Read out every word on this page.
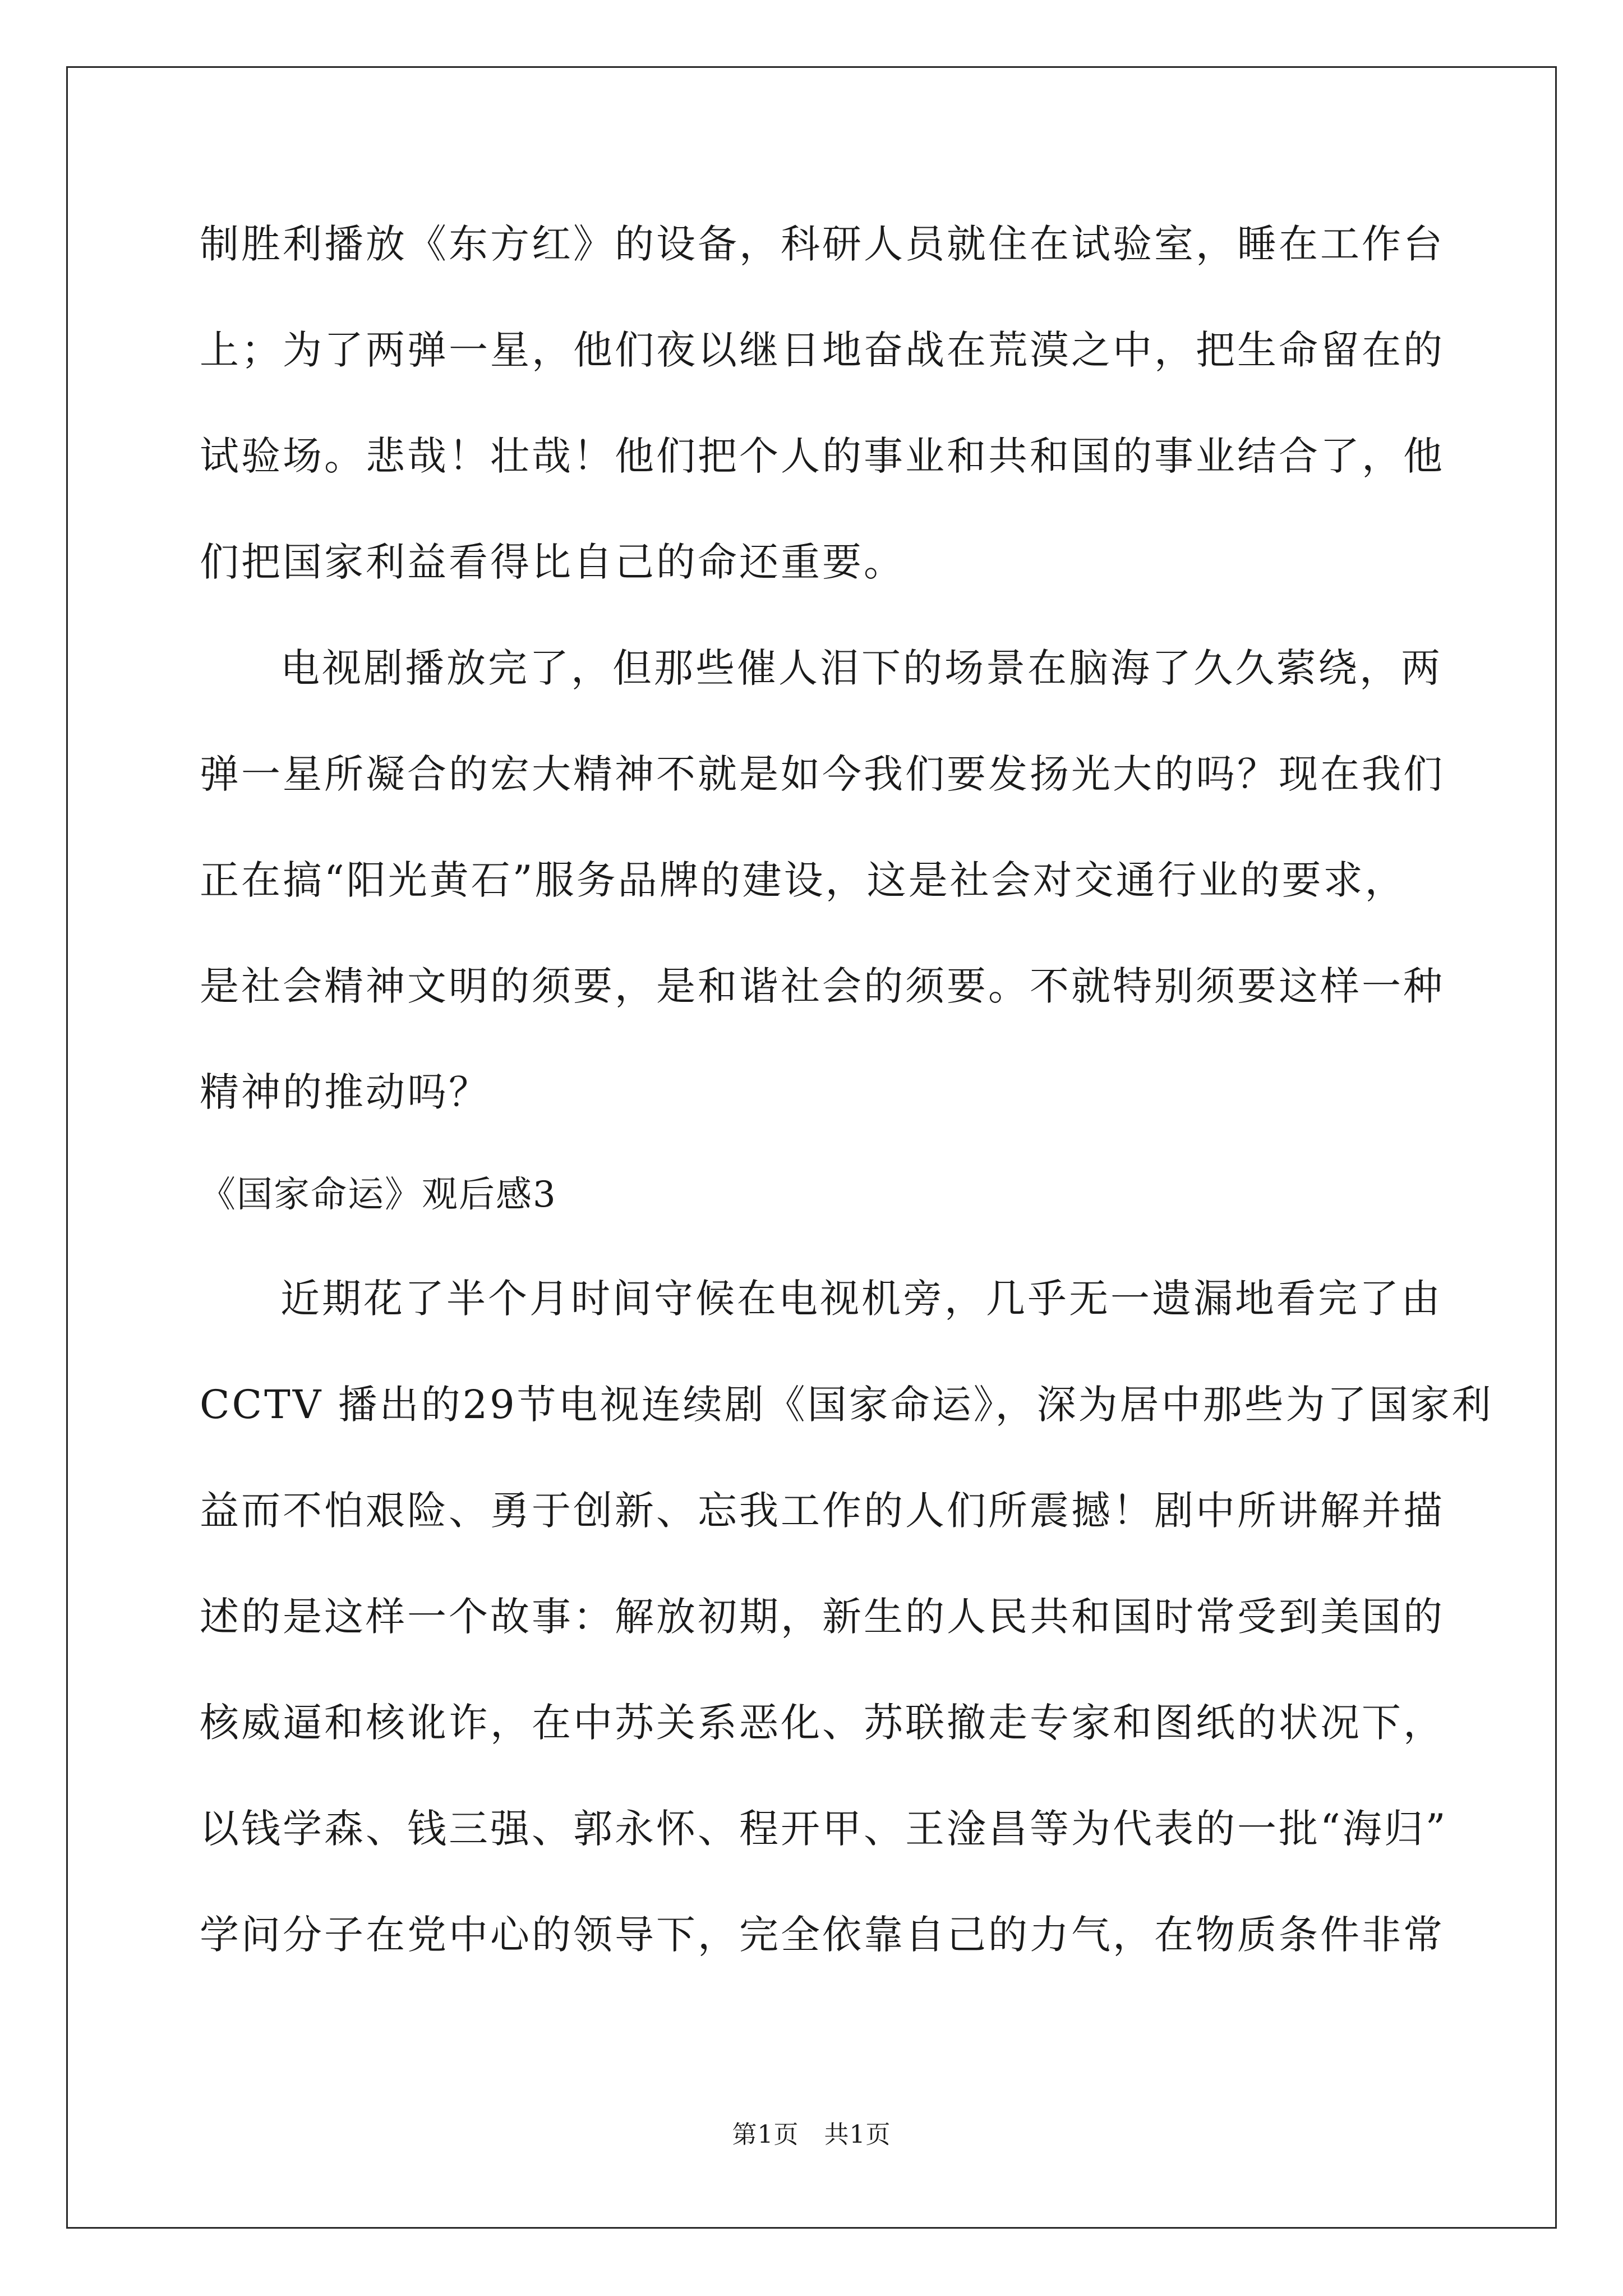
制胜利播放《东方红》的设备，科研人员就住在试验室，睡在工作台
上；为了两弹一星，他们夜以继日地奋战在荒漠之中，把生命留在的
试验场。悲哉！壮哉！他们把个人的事业和共和国的事业结合了，他
们把国家利益看得比自己的命还重要。
电视剧播放完了，但那些催人泪下的场景在脑海了久久萦绕，两
弹一星所凝合的宏大精神不就是如今我们要发扬光大的吗？现在我们
正在搞“阳光黄石”服务品牌的建设，这是社会对交通行业的要求，
是社会精神文明的须要，是和谐社会的须要。不就特别须要这样一种
精神的推动吗？
《国家命运》观后感3
近期花了半个月时间守候在电视机旁，几乎无一遗漏地看完了由
CCTV 播出的29节电视连续剧《国家命运》，深为居中那些为了国家利
益而不怕艰险、勇于创新、忘我工作的人们所震撼！剧中所讲解并描
述的是这样一个故事：解放初期，新生的人民共和国时常受到美国的
核威逼和核讹诈，在中苏关系恶化、苏联撤走专家和图纸的状况下，
以钱学森、钱三强、郭永怀、程开甲、王淦昌等为代表的一批“海归”
学问分子在党中心的领导下，完全依靠自己的力气，在物质条件非常
第1页　共1页
